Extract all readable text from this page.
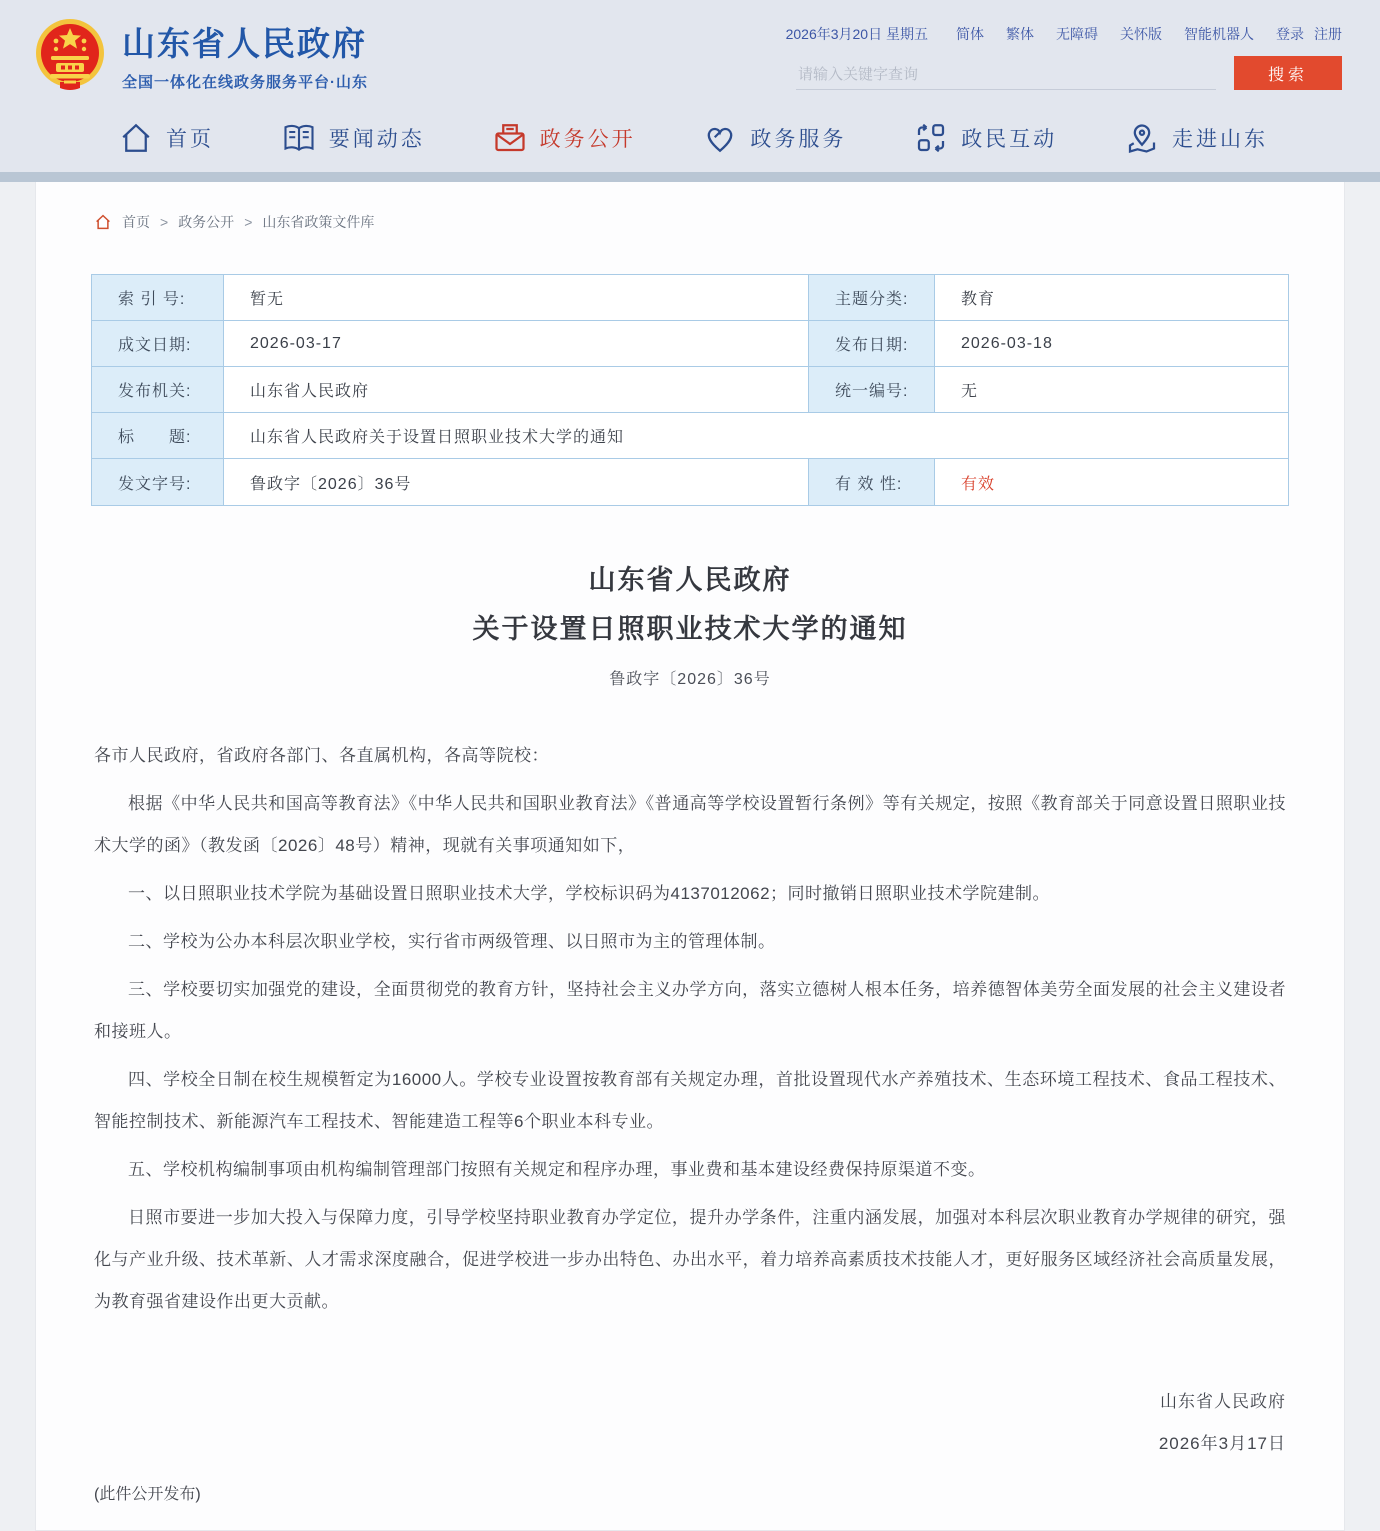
山东省人民政府
全国一体化在线政务服务平台·山东
2026年3月20日 星期五 简体 繁体 无障碍 关怀版 智能机器人 登录 注册
请输入关键字查询
搜索
首页	要闻动态	政务公开	政务服务	政民互动	走进山东
首页 > 政务公开 > 山东省政策文件库
索 引 号:	暂无	主题分类:	教育
成文日期:	2026-03-17	发布日期:	2026-03-18
发布机关:	山东省人民政府	统一编号:	无
标　　题:	山东省人民政府关于设置日照职业技术大学的通知
发文字号:	鲁政字〔2026〕36号	有 效 性:	有效
山东省人民政府
关于设置日照职业技术大学的通知
鲁政字〔2026〕36号

各市人民政府，省政府各部门、各直属机构，各高等院校：

根据《中华人民共和国高等教育法》《中华人民共和国职业教育法》《普通高等学校设置暂行条例》等有关规定，按照《教育部关于同意设置日照职业技术大学的函》（教发函〔2026〕48号）精神，现就有关事项通知如下，

一、以日照职业技术学院为基础设置日照职业技术大学，学校标识码为4137012062；同时撤销日照职业技术学院建制。

二、学校为公办本科层次职业学校，实行省市两级管理、以日照市为主的管理体制。

三、学校要切实加强党的建设，全面贯彻党的教育方针，坚持社会主义办学方向，落实立德树人根本任务，培养德智体美劳全面发展的社会主义建设者和接班人。

四、学校全日制在校生规模暂定为16000人。学校专业设置按教育部有关规定办理，首批设置现代水产养殖技术、生态环境工程技术、食品工程技术、智能控制技术、新能源汽车工程技术、智能建造工程等6个职业本科专业。

五、学校机构编制事项由机构编制管理部门按照有关规定和程序办理，事业费和基本建设经费保持原渠道不变。

日照市要进一步加大投入与保障力度，引导学校坚持职业教育办学定位，提升办学条件，注重内涵发展，加强对本科层次职业教育办学规律的研究，强化与产业升级、技术革新、人才需求深度融合，促进学校进一步办出特色、办出水平，着力培养高素质技术技能人才，更好服务区域经济社会高质量发展，为教育强省建设作出更大贡献。

山东省人民政府
2026年3月17日
(此件公开发布)
